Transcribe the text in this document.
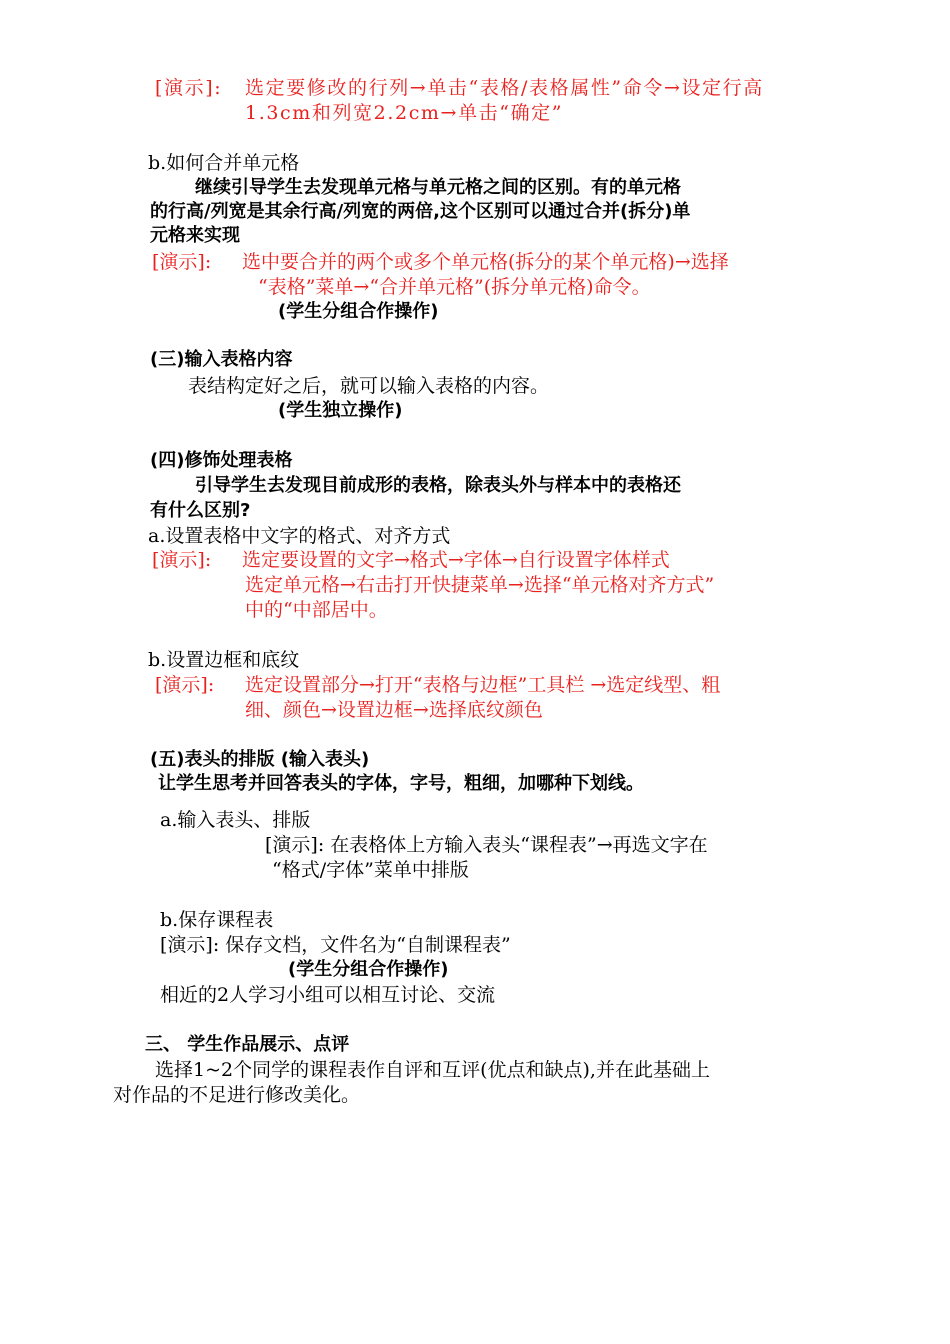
[演示]: 选定要修改的行列→单击“表格/表格属性”命令→设定行高
1.3cm和列宽2.2cm→单击“确定”
b.如何合并单元格
继续引导学生去发现单元格与单元格之间的区别。有的单元格
的行高/列宽是其余行高/列宽的两倍,这个区别可以通过合并(拆分)单
元格来实现
[演示]: 选中要合并的两个或多个单元格(拆分的某个单元格)→选择
“表格”菜单→“合并单元格”(拆分单元格)命令。
(学生分组合作操作)
(三)输入表格内容
表结构定好之后，就可以输入表格的内容。
(学生独立操作)
(四)修饰处理表格
引导学生去发现目前成形的表格，除表头外与样本中的表格还
有什么区别?
a.设置表格中文字的格式、对齐方式
[演示]: 选定要设置的文字→格式→字体→自行设置字体样式
选定单元格→右击打开快捷菜单→选择“单元格对齐方式”
中的“中部居中。
b.设置边框和底纹
[演示]: 选定设置部分→打开“表格与边框”工具栏 →选定线型、粗
细、颜色→设置边框→选择底纹颜色
(五)表头的排版 (输入表头)
让学生思考并回答表头的字体，字号，粗细，加哪种下划线。
a.输入表头、排版
[演示]: 在表格体上方输入表头“课程表”→再选文字在
“格式/字体”菜单中排版
b.保存课程表
[演示]: 保存文档，文件名为“自制课程表”
(学生分组合作操作)
相近的2人学习小组可以相互讨论、交流
三、 学生作品展示、点评
选择1~2个同学的课程表作自评和互评(优点和缺点),并在此基础上
对作品的不足进行修改美化。
